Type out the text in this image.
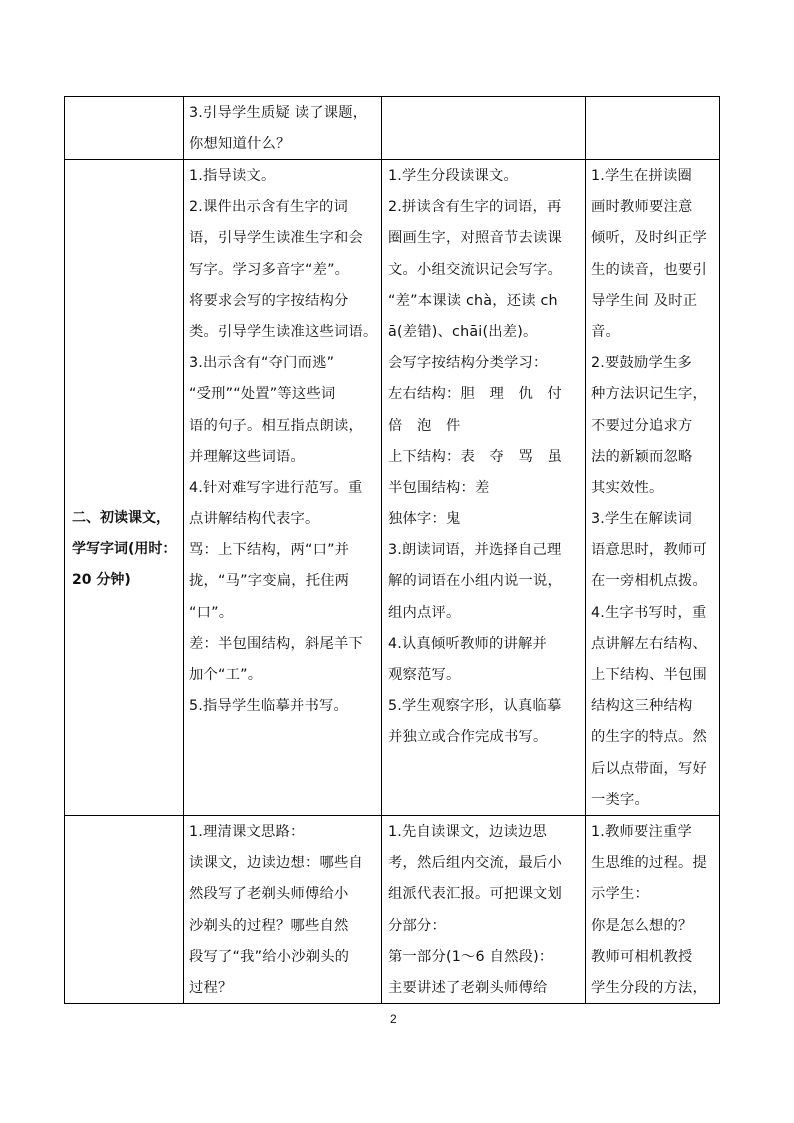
3.引导学生质疑 读了课题，

你想知道什么？

二、初读课文，

学写字词(用时：

20 分钟)

1.指导读文。

2.课件出示含有生字的词

语，引导学生读准生字和会

写字。学习多音字“差”。

将要求会写的字按结构分

类。引导学生读准这些词语。

3.出示含有“夺门而逃”

“受刑”“处置”等这些词

语的句子。相互指点朗读，

并理解这些词语。

4.针对难写字进行范写。重

点讲解结构代表字。

骂：上下结构，两“口”并

拢，“马”字变扁，托住两

“口”。

差：半包围结构，斜尾羊下

加个“工”。

5.指导学生临摹并书写。

1.学生分段读课文。

2.拼读含有生字的词语，再

圈画生字，对照音节去读课

文。小组交流识记会写字。

“差”本课读 chà，还读 ch

ā(差错)、chāi(出差)。

会写字按结构分类学习：

左右结构：胆　理　仇　付

倍　泡　件

上下结构：表　夺　骂　虽

半包围结构：差

独体字：鬼

3.朗读词语，并选择自己理

解的词语在小组内说一说，

组内点评。

4.认真倾听教师的讲解并

观察范写。

5.学生观察字形，认真临摹

并独立或合作完成书写。

1.学生在拼读圈

画时教师要注意

倾听，及时纠正学

生的读音，也要引

导学生间 及时正

音。

2.要鼓励学生多

种方法识记生字，

不要过分追求方

法的新颖而忽略

其实效性。

3.学生在解读词

语意思时，教师可

在一旁相机点拨。

4.生字书写时，重

点讲解左右结构、

上下结构、半包围

结构这三种结构

的生字的特点。然

后以点带面，写好

一类字。

1.理清课文思路：

读课文，边读边想：哪些自

然段写了老剃头师傅给小

沙剃头的过程？哪些自然

段写了“我”给小沙剃头的

过程？

1.先自读课文，边读边思

考，然后组内交流，最后小

组派代表汇报。可把课文划

分部分：

第一部分(1～6 自然段)：

主要讲述了老剃头师傅给

1.教师要注重学

生思维的过程。提

示学生：

你是怎么想的？

教师可相机教授

学生分段的方法，

2
